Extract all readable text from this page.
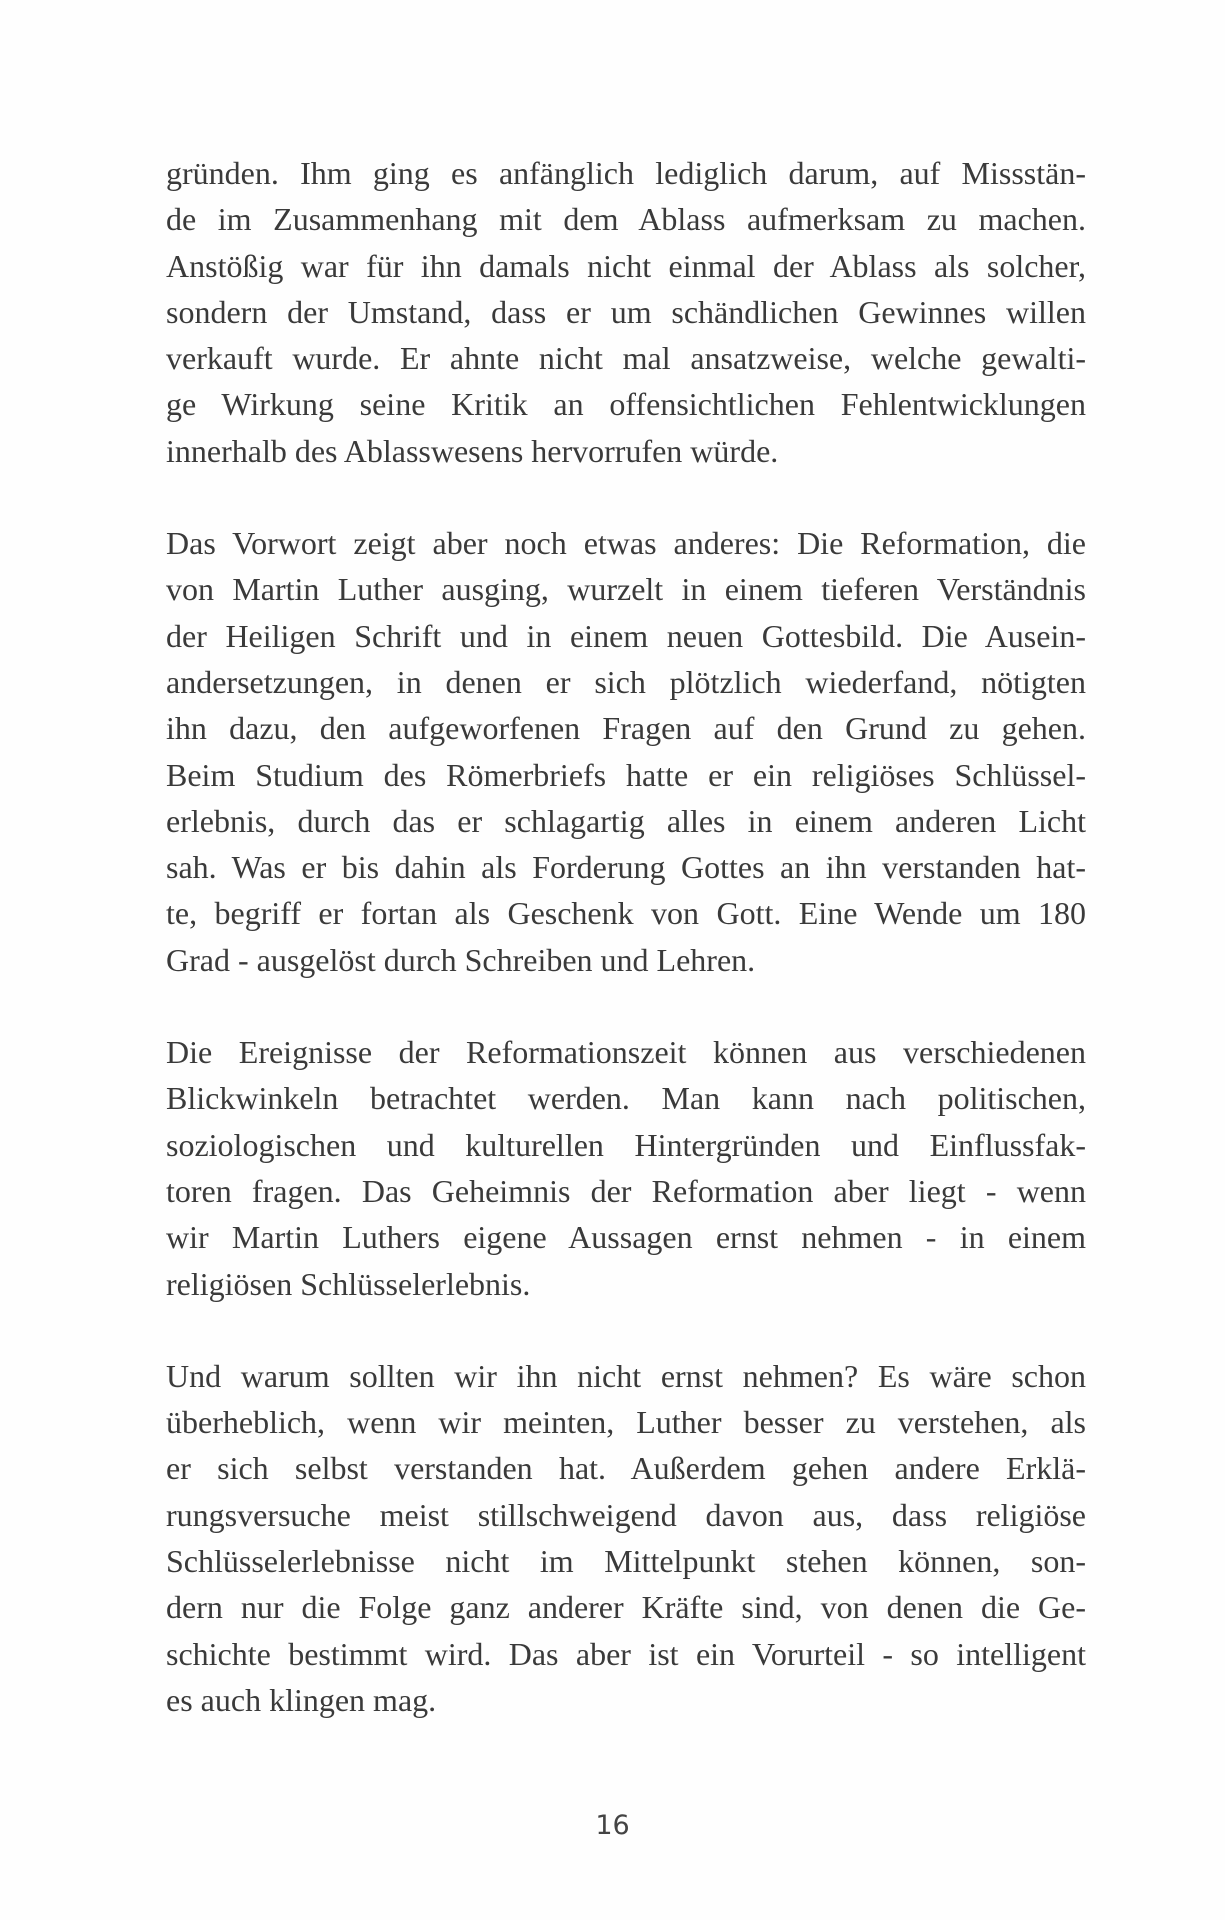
gründen. Ihm ging es anfänglich lediglich darum, auf Missstän-
de im Zusammenhang mit dem Ablass aufmerksam zu machen.
Anstößig war für ihn damals nicht einmal der Ablass als solcher,
sondern der Umstand, dass er um schändlichen Gewinnes willen
verkauft wurde. Er ahnte nicht mal ansatzweise, welche gewalti-
ge Wirkung seine Kritik an offensichtlichen Fehlentwicklungen
innerhalb des Ablasswesens hervorrufen würde.

Das Vorwort zeigt aber noch etwas anderes: Die Reformation, die
von Martin Luther ausging, wurzelt in einem tieferen Verständnis
der Heiligen Schrift und in einem neuen Gottesbild. Die Ausein-
andersetzungen, in denen er sich plötzlich wiederfand, nötigten
ihn dazu, den aufgeworfenen Fragen auf den Grund zu gehen.
Beim Studium des Römerbriefs hatte er ein religiöses Schlüssel-
erlebnis, durch das er schlagartig alles in einem anderen Licht
sah. Was er bis dahin als Forderung Gottes an ihn verstanden hat-
te, begriff er fortan als Geschenk von Gott. Eine Wende um 180
Grad - ausgelöst durch Schreiben und Lehren.

Die Ereignisse der Reformationszeit können aus verschiedenen
Blickwinkeln betrachtet werden. Man kann nach politischen,
soziologischen und kulturellen Hintergründen und Einflussfak-
toren fragen. Das Geheimnis der Reformation aber liegt - wenn
wir Martin Luthers eigene Aussagen ernst nehmen - in einem
religiösen Schlüsselerlebnis.

Und warum sollten wir ihn nicht ernst nehmen? Es wäre schon
überheblich, wenn wir meinten, Luther besser zu verstehen, als
er sich selbst verstanden hat. Außerdem gehen andere Erklä-
rungsversuche meist stillschweigend davon aus, dass religiöse
Schlüsselerlebnisse nicht im Mittelpunkt stehen können, son-
dern nur die Folge ganz anderer Kräfte sind, von denen die Ge-
schichte bestimmt wird. Das aber ist ein Vorurteil - so intelligent
es auch klingen mag.

16
